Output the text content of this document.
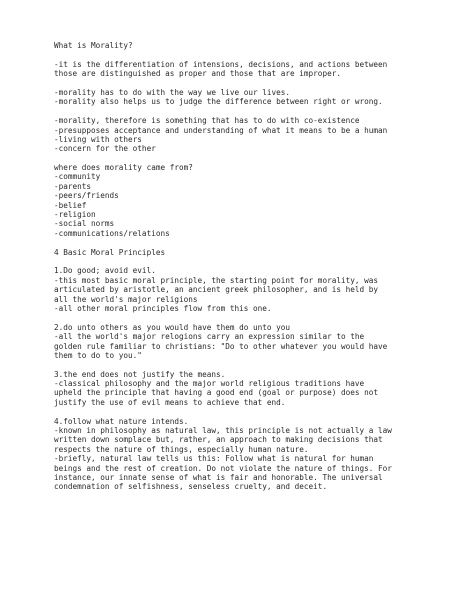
What is Morality?
-it is the differentiation of intensions, decisions, and actions between
those are distinguished as proper and those that are improper.
-morality has to do with the way we live our lives.
-morality also helps us to judge the difference between right or wrong.
-morality, therefore is something that has to do with co-existence
-presupposes acceptance and understanding of what it means to be a human
-living with others
-concern for the other
where does morality came from?
-community
-parents
-peers/friends
-belief
-religion
-social norms
-communications/relations
4 Basic Moral Principles
1.Do good; avoid evil.
-this most basic moral principle, the starting point for morality, was
articulated by aristotle, an ancient greek philosopher, and is held by
all the world's major religions
-all other moral principles flow from this one.
2.do unto others as you would have them do unto you
-all the world's major relogions carry an expression similar to the
golden rule familiar to christians: "Do to other whatever you would have
them to do to you."
3.the end does not justify the means.
-classical philosophy and the major world religious traditions have
upheld the principle that having a good end (goal or purpose) does not
justify the use of evil means to achieve that end.
4.follow what nature intends.
-known in philosophy as natural law, this principle is not actually a law
written down somplace but, rather, an approach to making decisions that
respects the nature of things, especially human nature.
-briefly, natural law tells us this: Follow what is natural for human
beings and the rest of creation. Do not violate the nature of things. For
instance, our innate sense of what is fair and honorable. The universal
condemnation of selfishness, senseless cruelty, and deceit.
